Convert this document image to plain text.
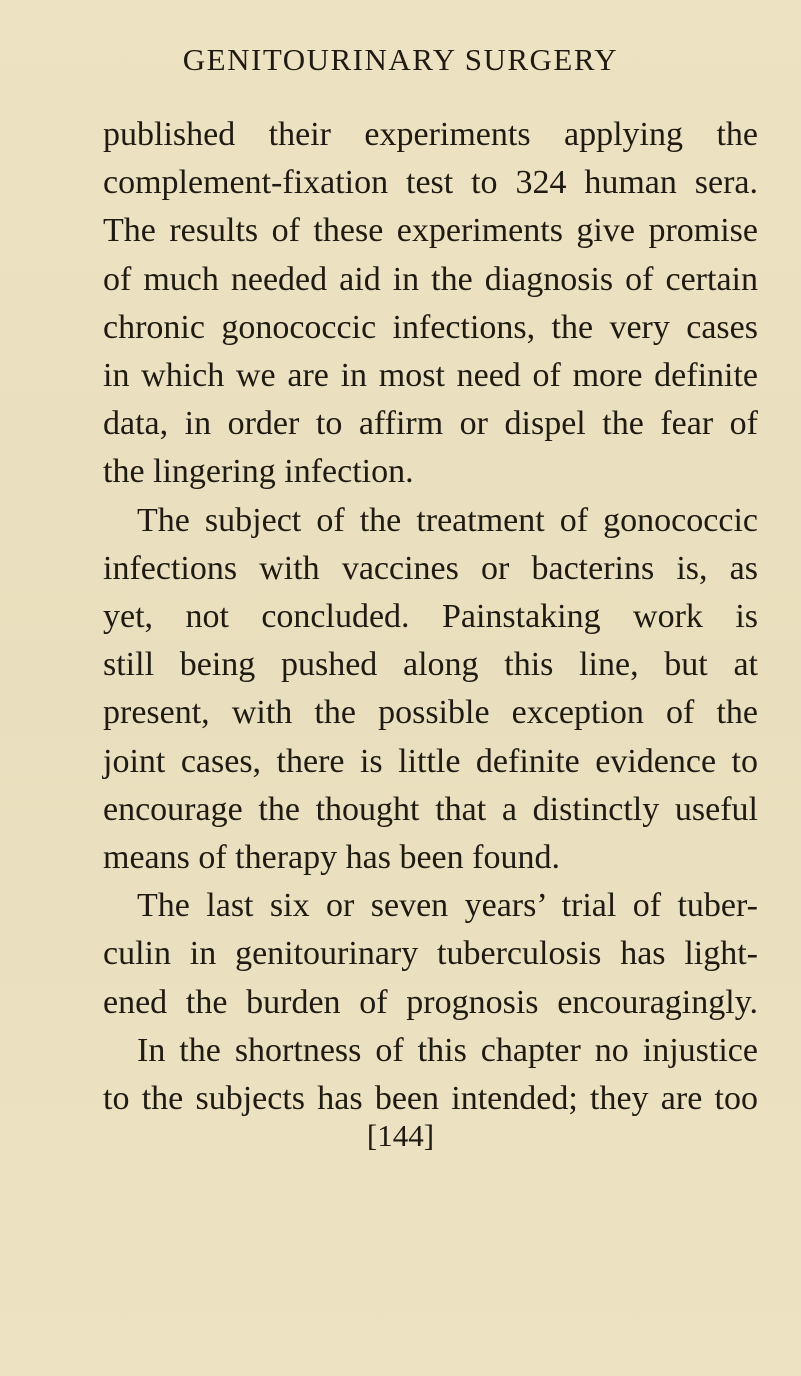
GENITOURINARY SURGERY

published their experiments applying the

complement-fixation test to 324 human sera.

The results of these experiments give promise

of much needed aid in the diagnosis of certain

chronic gonococcic infections, the very cases

in which we are in most need of more definite

data, in order to affirm or dispel the fear of

the lingering infection.

The subject of the treatment of gonococcic

infections with vaccines or bacterins is, as

yet, not concluded. Painstaking work is

still being pushed along this line, but at

present, with the possible exception of the

joint cases, there is little definite evidence to

encourage the thought that a distinctly useful

means of therapy has been found.

The last six or seven years’ trial of tuber-

culin in genitourinary tuberculosis has light-

ened the burden of prognosis encouragingly.

In the shortness of this chapter no injustice

to the subjects has been intended; they are too

[144]
